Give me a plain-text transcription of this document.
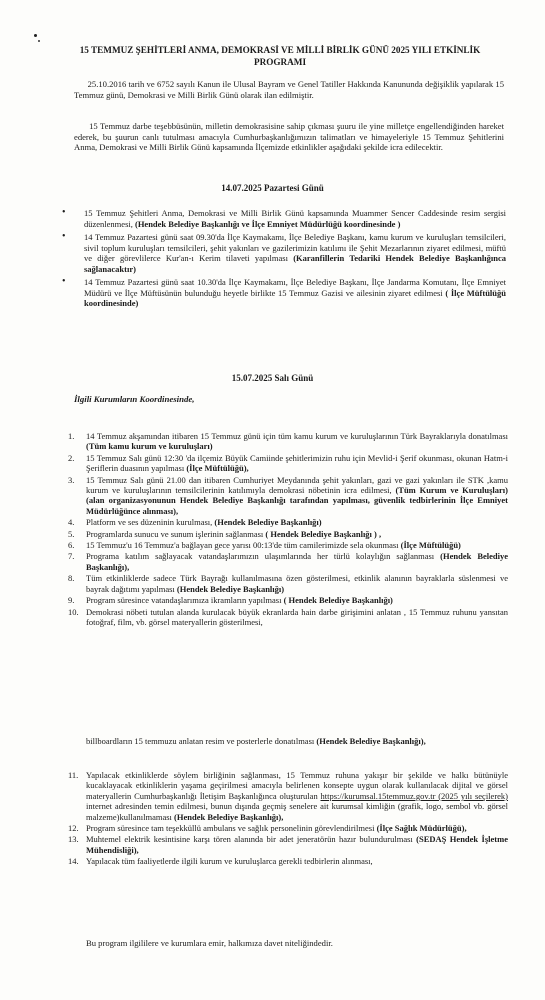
15 TEMMUZ ŞEHİTLERİ ANMA, DEMOKRASİ VE MİLLİ BİRLİK GÜNÜ 2025 YILI ETKİNLİK PROGRAMI
25.10.2016 tarih ve 6752 sayılı Kanun ile Ulusal Bayram ve Genel Tatiller Hakkında Kanununda değişiklik yapılarak 15 Temmuz günü, Demokrasi ve Milli Birlik Günü olarak ilan edilmiştir.
15 Temmuz darbe teşebbüsünün, milletin demokrasisine sahip çıkması şuuru ile yine milletçe engellendiğinden hareket ederek, bu şuurun canlı tutulması amacıyla Cumhurbaşkanlığımızın talimatları ve himayeleriyle 15 Temmuz Şehitlerini Anma, Demokrasi ve Milli Birlik Günü kapsamında İlçemizde etkinlikler aşağıdaki şekilde icra edilecektir.
14.07.2025 Pazartesi Günü
• 15 Temmuz Şehitleri Anma, Demokrasi ve Milli Birlik Günü kapsamında Muammer Sencer Caddesinde resim sergisi düzenlenmesi, (Hendek Belediye Başkanlığı ve İlçe Emniyet Müdürlüğü koordinesinde )
• 14 Temmuz Pazartesi günü saat 09.30'da İlçe Kaymakamı, İlçe Belediye Başkanı, kamu kurum ve kuruluşları temsilcileri, sivil toplum kuruluşları temsilcileri, şehit yakınları ve gazilerimizin katılımı ile Şehit Mezarlarının ziyaret edilmesi, müftü ve diğer görevlilerce Kur'an-ı Kerim tilaveti yapılması (Karanfillerin Tedariki Hendek Belediye Başkanlığınca sağlanacaktır)
• 14 Temmuz Pazartesi günü saat 10.30'da İlçe Kaymakamı, İlçe Belediye Başkanı, İlçe Jandarma Komutanı, İlçe Emniyet Müdürü ve İlçe Müftüsünün bulunduğu heyetle birlikte 15 Temmuz Gazisi ve ailesinin ziyaret edilmesi ( İlçe Müftülüğü koordinesinde)
15.07.2025 Salı Günü
İlgili Kurumların Koordinesinde,
1. 14 Temmuz akşamından itibaren 15 Temmuz günü için tüm kamu kurum ve kuruluşlarının Türk Bayraklarıyla donatılması (Tüm kamu kurum ve kuruluşları)
2. 15 Temmuz Salı günü 12:30 'da ilçemiz Büyük Camiinde şehitlerimizin ruhu için Mevlid-i Şerif okunması, okunan Hatm-i Şeriflerin duasının yapılması (İlçe Müftülüğü),
3. 15 Temmuz Salı günü 21.00 dan itibaren Cumhuriyet Meydanında şehit yakınları, gazi ve gazi yakınları ile STK ,kamu kurum ve kuruluşlarının temsilcilerinin katılımıyla demokrasi nöbetinin icra edilmesi, (Tüm Kurum ve Kuruluşları) (alan organizasyonunun Hendek Belediye Başkanlığı tarafından yapılması, güvenlik tedbirlerinin İlçe Emniyet Müdürlüğünce alınması),
4. Platform ve ses düzeninin kurulması, (Hendek Belediye Başkanlığı)
5. Programlarda sunucu ve sunum işlerinin sağlanması ( Hendek Belediye Başkanlığı ) ,
6. 15 Temmuz'u 16 Temmuz'a bağlayan gece yarısı 00:13'de tüm camilerimizde sela okunması (İlçe Müftülüğü)
7. Programa katılım sağlayacak vatandaşlarımızın ulaşımlarında her türlü kolaylığın sağlanması (Hendek Belediye Başkanlığı),
8. Tüm etkinliklerde sadece Türk Bayrağı kullanılmasına özen gösterilmesi, etkinlik alanının bayraklarla süslenmesi ve bayrak dağıtımı yapılması (Hendek Belediye Başkanlığı)
9. Program süresince vatandaşlarımıza ikramların yapılması ( Hendek Belediye Başkanlığı)
10. Demokrasi nöbeti tutulan alanda kurulacak büyük ekranlarda hain darbe girişimini anlatan , 15 Temmuz ruhunu yansıtan fotoğraf, film, vb. görsel materyallerin gösterilmesi,
billboardların 15 temmuzu anlatan resim ve posterlerle donatılması (Hendek Belediye Başkanlığı),
11. Yapılacak etkinliklerde söylem birliğinin sağlanması, 15 Temmuz ruhuna yakışır bir şekilde ve halkı bütünüyle kucaklayacak etkinliklerin yaşama geçirilmesi amacıyla belirlenen konsepte uygun olarak kullanılacak dijital ve görsel materyallerin Cumhurbaşkanlığı İletişim Başkanlığınca oluşturulan https://kurumsal.15temmuz.gov.tr (2025 yılı seçilerek) internet adresinden temin edilmesi, bunun dışında geçmiş senelere ait kurumsal kimliğin (grafik, logo, sembol vb. görsel malzeme)kullanılmaması (Hendek Belediye Başkanlığı),
12. Program süresince tam teşekküllü ambulans ve sağlık personelinin görevlendirilmesi (İlçe Sağlık Müdürlüğü),
13. Muhtemel elektrik kesintisine karşı tören alanında bir adet jeneratörün hazır bulundurulması (SEDAŞ Hendek İşletme Mühendisliği),
14. Yapılacak tüm faaliyetlerde ilgili kurum ve kuruluşlarca gerekli tedbirlerin alınması,
Bu program ilgililere ve kurumlara emir, halkımıza davet niteliğindedir.
